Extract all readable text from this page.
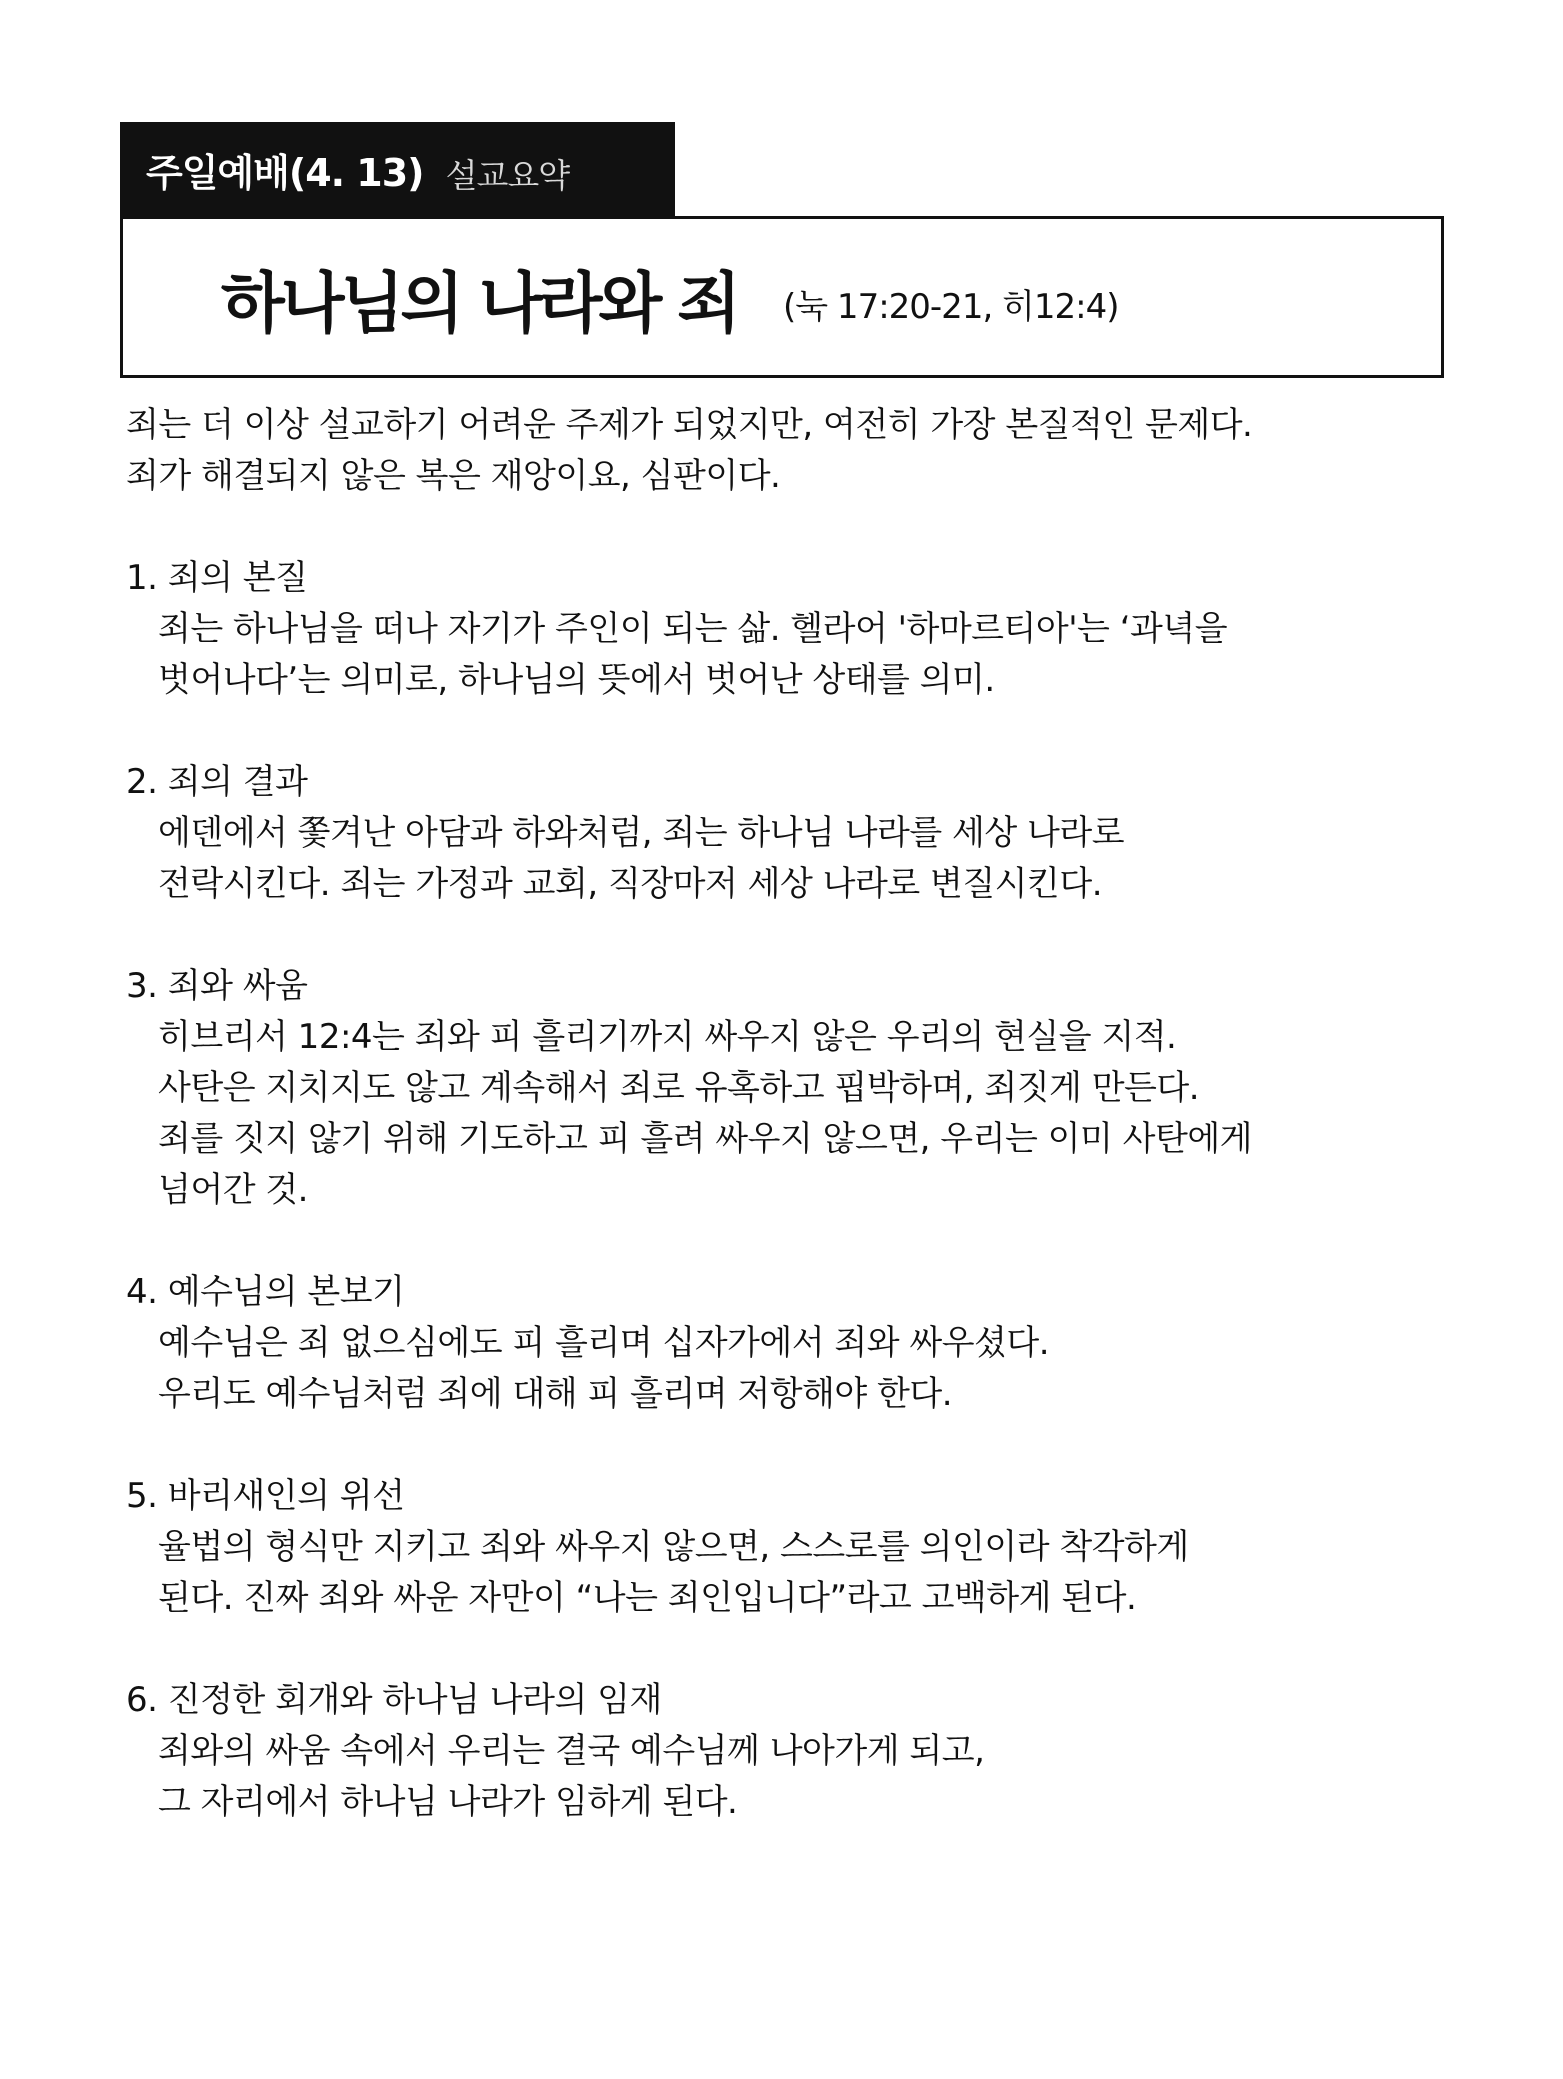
주일예배(4. 13) 설교요약
하나님의 나라와 죄 (눅 17:20-21, 히12:4)

죄는 더 이상 설교하기 어려운 주제가 되었지만, 여전히 가장 본질적인 문제다.

죄가 해결되지 않은 복은 재앙이요, 심판이다.

1. 죄의 본질

죄는 하나님을 떠나 자기가 주인이 되는 삶. 헬라어 '하마르티아'는 ‘과녁을

벗어나다’는 의미로, 하나님의 뜻에서 벗어난 상태를 의미.

2. 죄의 결과

에덴에서 쫓겨난 아담과 하와처럼, 죄는 하나님 나라를 세상 나라로

전락시킨다. 죄는 가정과 교회, 직장마저 세상 나라로 변질시킨다.

3. 죄와 싸움

히브리서 12:4는 죄와 피 흘리기까지 싸우지 않은 우리의 현실을 지적.

사탄은 지치지도 않고 계속해서 죄로 유혹하고 핍박하며, 죄짓게 만든다.

죄를 짓지 않기 위해 기도하고 피 흘려 싸우지 않으면, 우리는 이미 사탄에게

넘어간 것.

4. 예수님의 본보기

예수님은 죄 없으심에도 피 흘리며 십자가에서 죄와 싸우셨다.

우리도 예수님처럼 죄에 대해 피 흘리며 저항해야 한다.

5. 바리새인의 위선

율법의 형식만 지키고 죄와 싸우지 않으면, 스스로를 의인이라 착각하게

된다. 진짜 죄와 싸운 자만이 “나는 죄인입니다”라고 고백하게 된다.

6. 진정한 회개와 하나님 나라의 임재

죄와의 싸움 속에서 우리는 결국 예수님께 나아가게 되고,

그 자리에서 하나님 나라가 임하게 된다.
